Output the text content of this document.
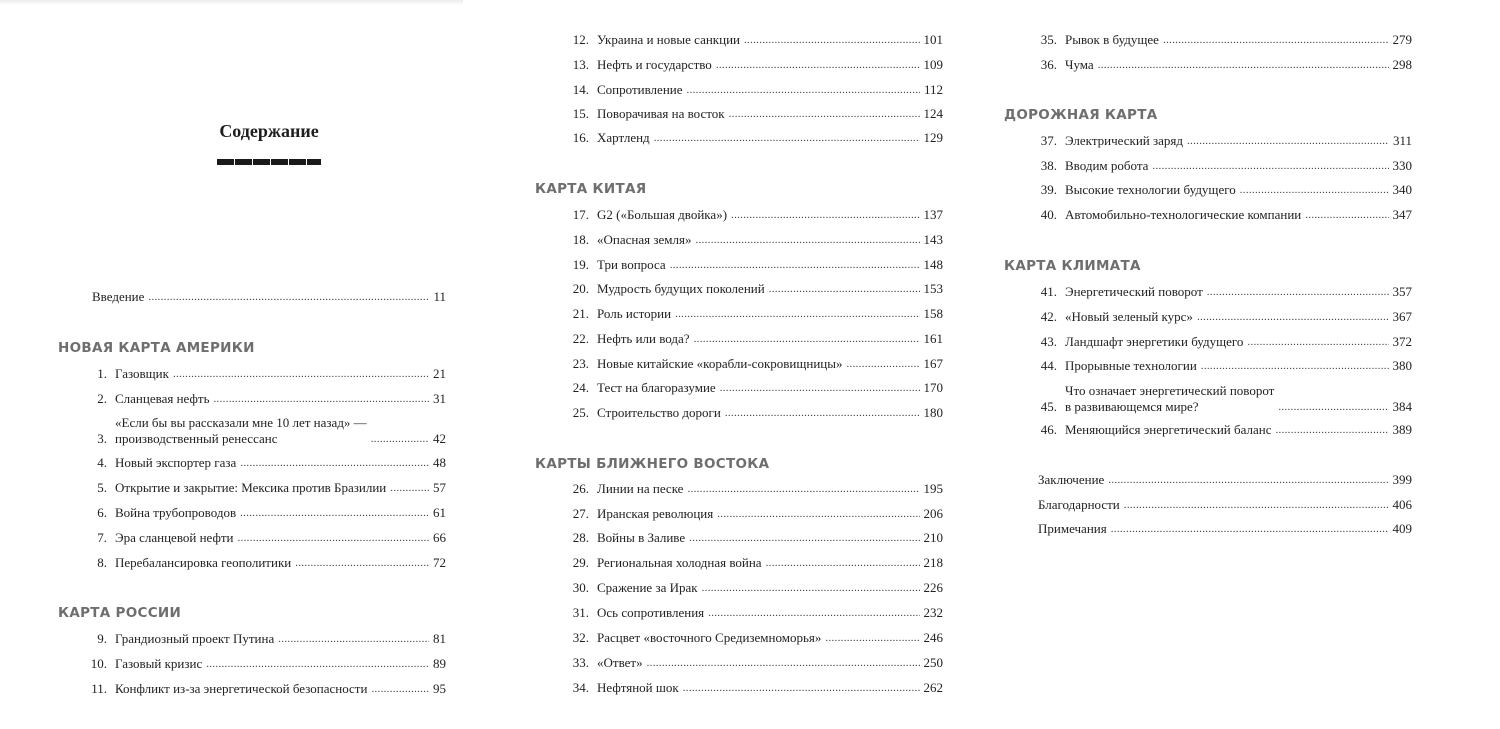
Содержание
Введение .....	11
НОВАЯ КАРТА АМЕРИКИ
1. Газовщик .....	21
2. Сланцевая нефть .....	31
3.
«Если бы вы рассказали мне 10 лет назад» —
производственный ренессанс .....	42
4. Новый экспортер газа .....	48
5. Открытие и закрытие: Мексика против Бразилии .....	57
6. Война трубопроводов .....	61
7. Эра сланцевой нефти .....	66
8. Перебалансировка геополитики .....	72
КАРТА РОССИИ
9. Грандиозный проект Путина .....	81
10. Газовый кризис .....	89
11. Конфликт из-за энергетической безопасности .....	95
12. Украина и новые санкции .....	101
13. Нефть и государство .....	109
14. Сопротивление .....	112
15. Поворачивая на восток .....	124
16. Хартленд .....	129
КАРТА КИТАЯ
17. G2 («Большая двойка») .....	137
18. «Опасная земля» .....	143
19. Три вопроса .....	148
20. Мудрость будущих поколений .....	153
21. Роль истории .....	158
22. Нефть или вода? .....	161
23. Новые китайские «корабли-сокровищницы» .....	167
24. Тест на благоразумие .....	170
25. Строительство дороги .....	180
КАРТЫ БЛИЖНЕГО ВОСТОКА
26. Линии на песке .....	195
27. Иранская революция .....	206
28. Войны в Заливе .....	210
29. Региональная холодная война .....	218
30. Сражение за Ирак .....	226
31. Ось сопротивления .....	232
32. Расцвет «восточного Средиземноморья» .....	246
33. «Ответ» .....	250
34. Нефтяной шок .....	262
35. Рывок в будущее .....	279
36. Чума .....	298
ДОРОЖНАЯ КАРТА
37. Электрический заряд .....	311
38. Вводим робота .....	330
39. Высокие технологии будущего .....	340
40. Автомобильно-технологические компании .....	347
КАРТА КЛИМАТА
41. Энергетический поворот .....	357
42. «Новый зеленый курс» .....	367
43. Ландшафт энергетики будущего .....	372
44. Прорывные технологии .....	380
45.
Что означает энергетический поворот
в развивающемся мире? .....	384
46. Меняющийся энергетический баланс .....	389
Заключение .....	399
Благодарности .....	406
Примечания .....	409
